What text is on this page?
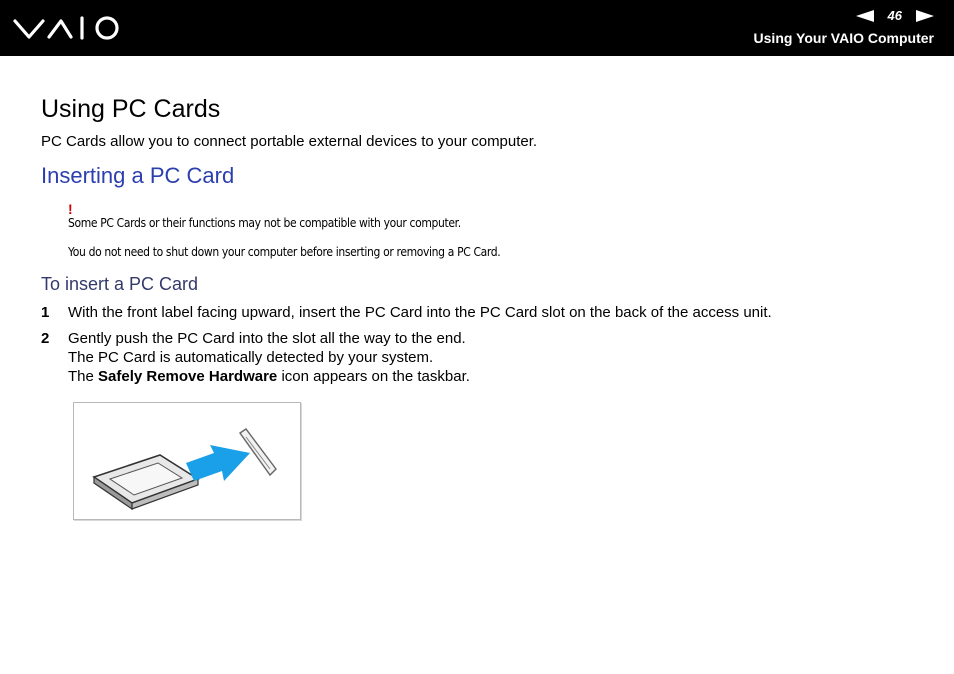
46
Using Your VAIO Computer
Using PC Cards

PC Cards allow you to connect portable external devices to your computer.

Inserting a PC Card
!

Some PC Cards or their functions may not be compatible with your computer.

You do not need to shut down your computer before inserting or removing a PC Card.

To insert a PC Card
1 With the front label facing upward, insert the PC Card into the PC Card slot on the back of the access unit.
2 Gently push the PC Card into the slot all the way to the end.
The PC Card is automatically detected by your system.
The Safely Remove Hardware icon appears on the taskbar.
